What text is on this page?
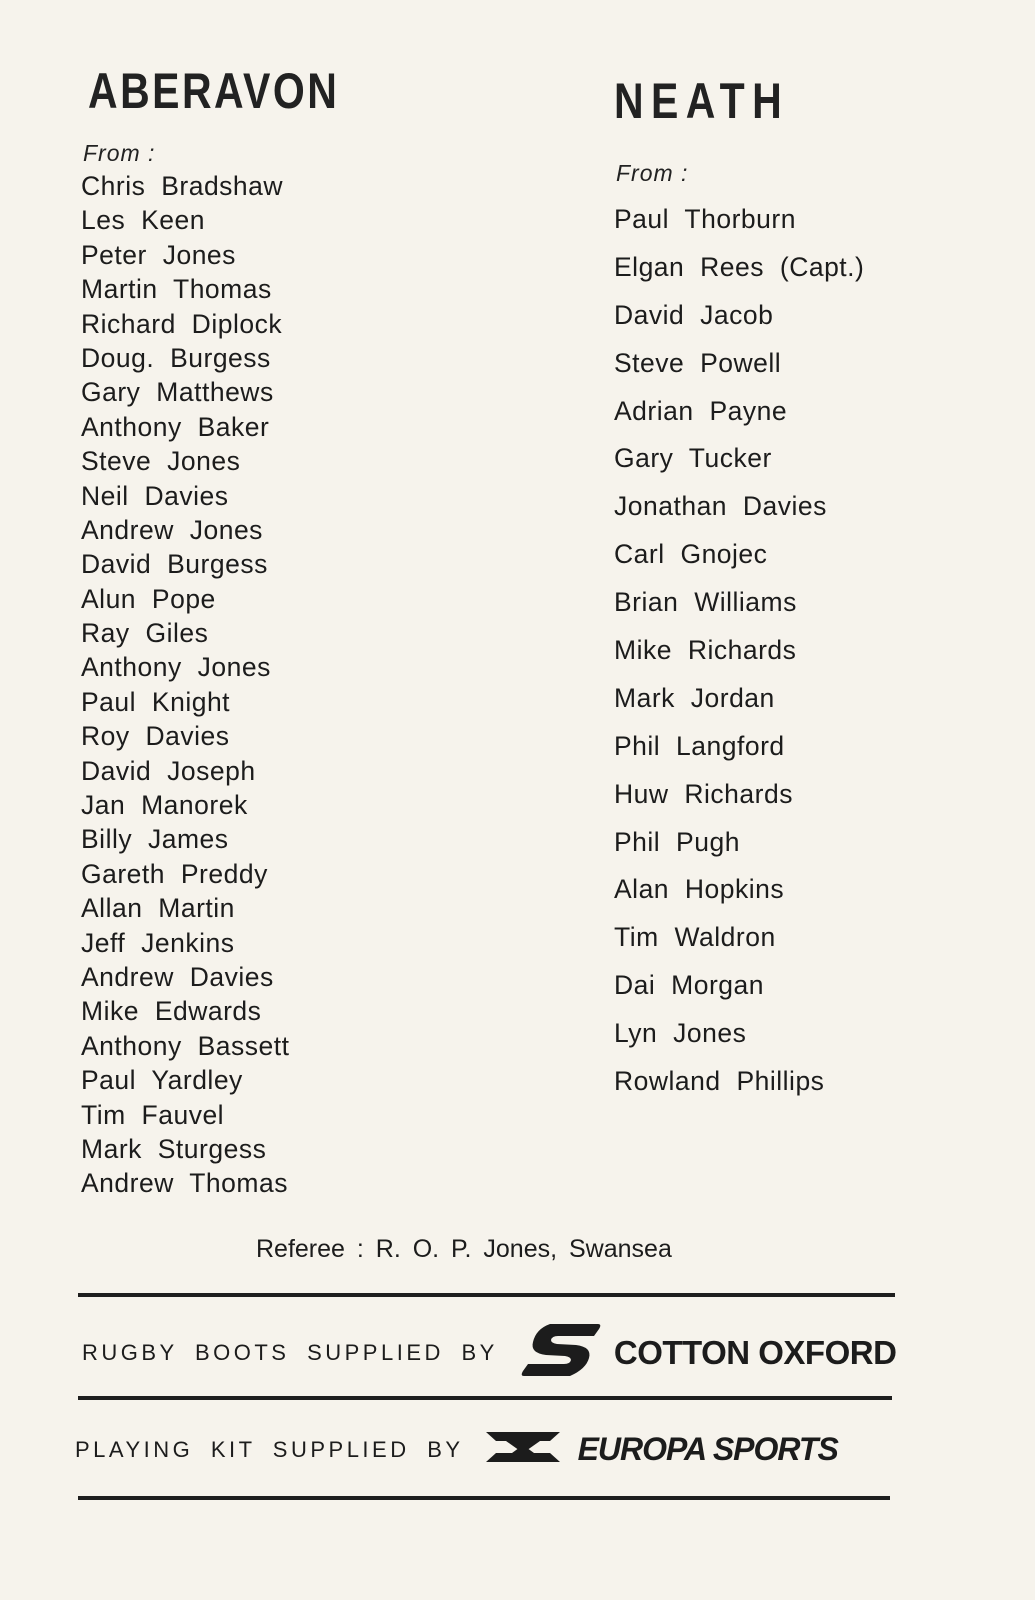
ABERAVON

From :

Chris Bradshaw
Les Keen
Peter Jones
Martin Thomas
Richard Diplock
Doug. Burgess
Gary Matthews
Anthony Baker
Steve Jones
Neil Davies
Andrew Jones
David Burgess
Alun Pope
Ray Giles
Anthony Jones
Paul Knight
Roy Davies
David Joseph
Jan Manorek
Billy James
Gareth Preddy
Allan Martin
Jeff Jenkins
Andrew Davies
Mike Edwards
Anthony Bassett
Paul Yardley
Tim Fauvel
Mark Sturgess
Andrew Thomas
NEATH

From :

Paul Thorburn
Elgan Rees (Capt.)
David Jacob
Steve Powell
Adrian Payne
Gary Tucker
Jonathan Davies
Carl Gnojec
Brian Williams
Mike Richards
Mark Jordan
Phil Langford
Huw Richards
Phil Pugh
Alan Hopkins
Tim Waldron
Dai Morgan
Lyn Jones
Rowland Phillips
Referee : R. O. P. Jones, Swansea
RUGBY BOOTS SUPPLIED BY	COTTON OXFORD
PLAYING KIT SUPPLIED BY	EUROPA SPORTS
